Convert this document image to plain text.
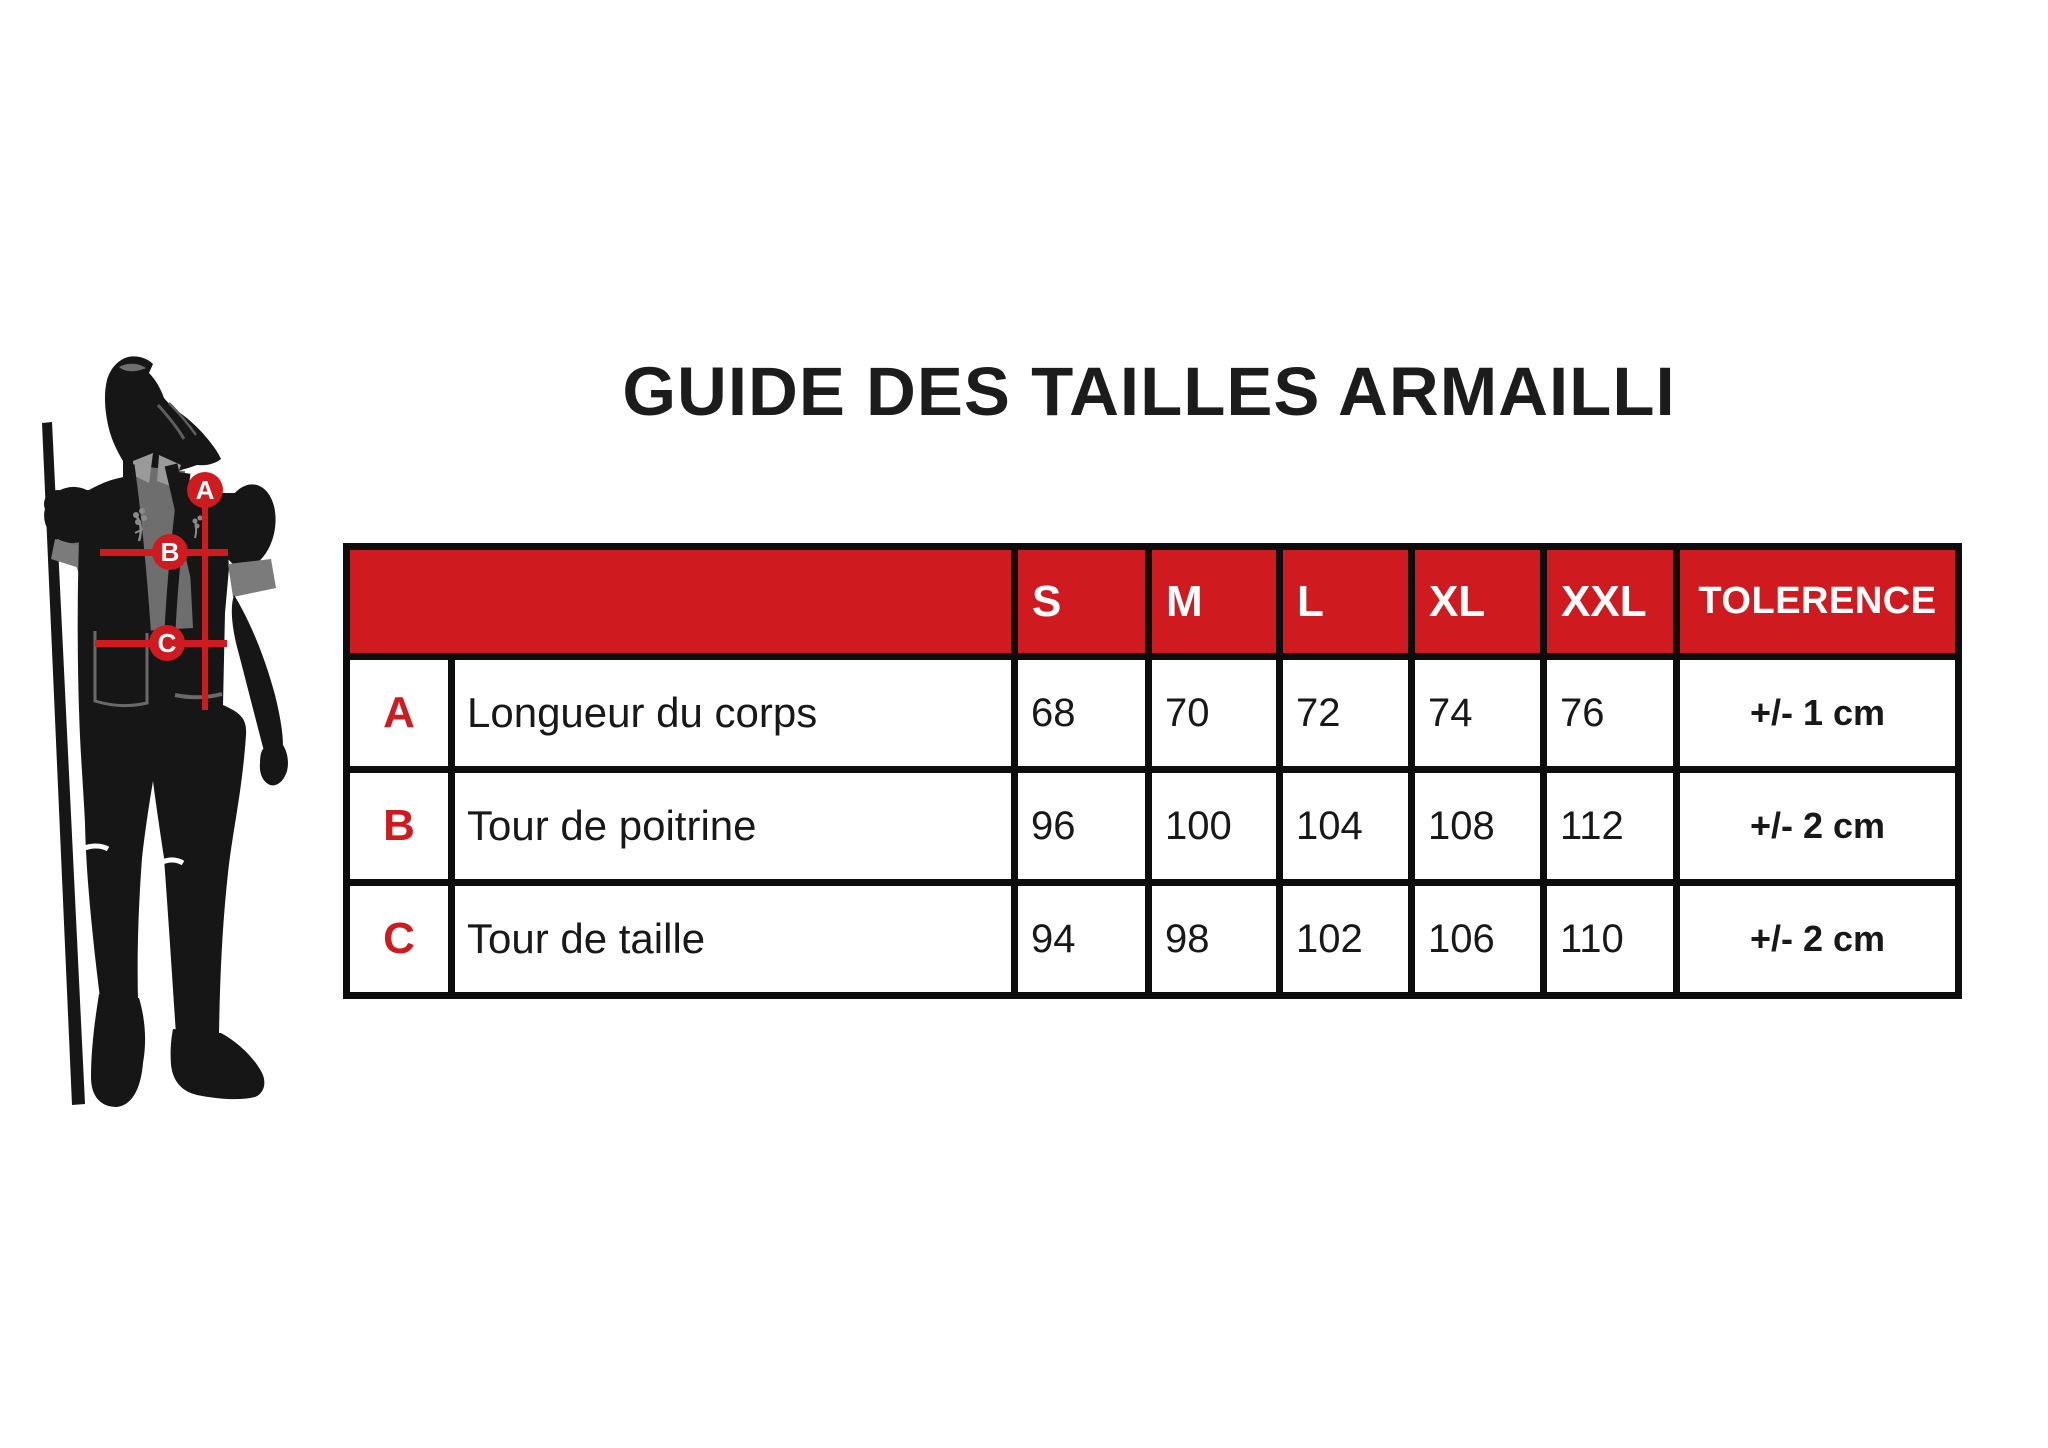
GUIDE DES TAILLES ARMAILLI
A
B
C
		S	M	L	XL	XXL	TOLERENCE
A	Longueur du corps	68	70	72	74	76	+/- 1 cm
B	Tour de poitrine	96	100	104	108	112	+/- 2 cm
C	Tour de taille	94	98	102	106	110	+/- 2 cm
